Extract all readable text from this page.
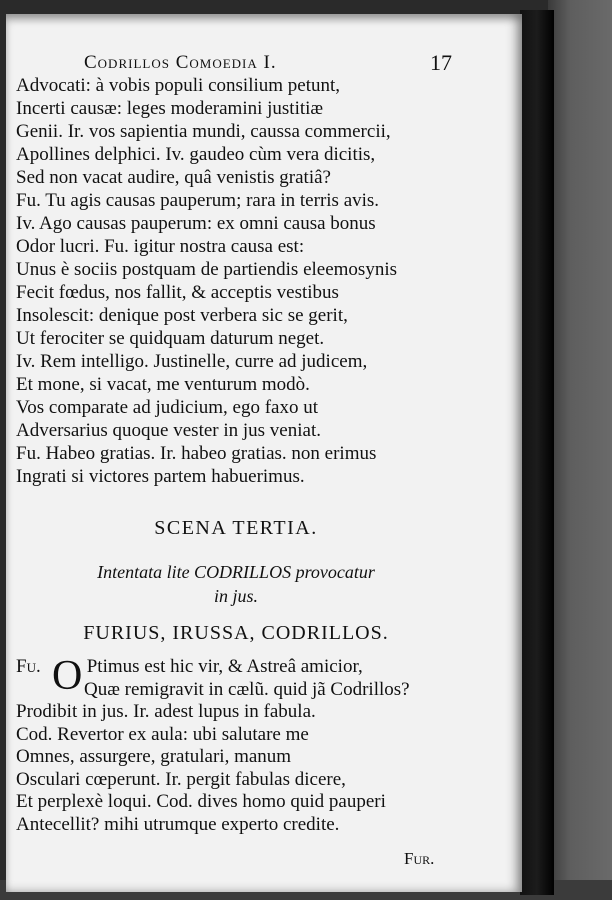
Codrillos Comoedia I.	17
Advocati: à vobis populi consilium petunt,
Incerti causæ: leges moderamini justitiæ
Genii. Ir. vos sapientia mundi, caussa commercii,
Apollines delphici. Iv. gaudeo cùm vera dicitis,
Sed non vacat audire, quâ venistis gratiâ?
Fu. Tu agis causas pauperum; rara in terris avis.
Iv. Ago causas pauperum: ex omni causa bonus
Odor lucri. Fu. igitur nostra causa est:
Unus è sociis postquam de partiendis eleemosynis
Fecit fœdus, nos fallit, & acceptis vestibus
Insolescit: denique post verbera sic se gerit,
Ut ferociter se quidquam daturum neget.
Iv. Rem intelligo. Justinelle, curre ad judicem,
Et mone, si vacat, me venturum modò.
Vos comparate ad judicium, ego faxo ut
Adversarius quoque vester in jus veniat.
Fu. Habeo gratias. Ir. habeo gratias. non erimus
Ingrati si victores partem habuerimus.
SCENA TERTIA.
Intentata lite CODRILLOS provocatur
in jus.
FURIUS, IRUSSA, CODRILLOS.
O
Fu. Ptimus est hic vir, & Astreâ amicior,
Quæ remigravit in cælũ. quid jã Codrillos?
Prodibit in jus. Ir. adest lupus in fabula.
Cod. Revertor ex aula: ubi salutare me
Omnes, assurgere, gratulari, manum
Osculari cœperunt. Ir. pergit fabulas dicere,
Et perplexè loqui. Cod. dives homo quid pauperi
Antecellit? mihi utrumque experto credite.
Fur.
